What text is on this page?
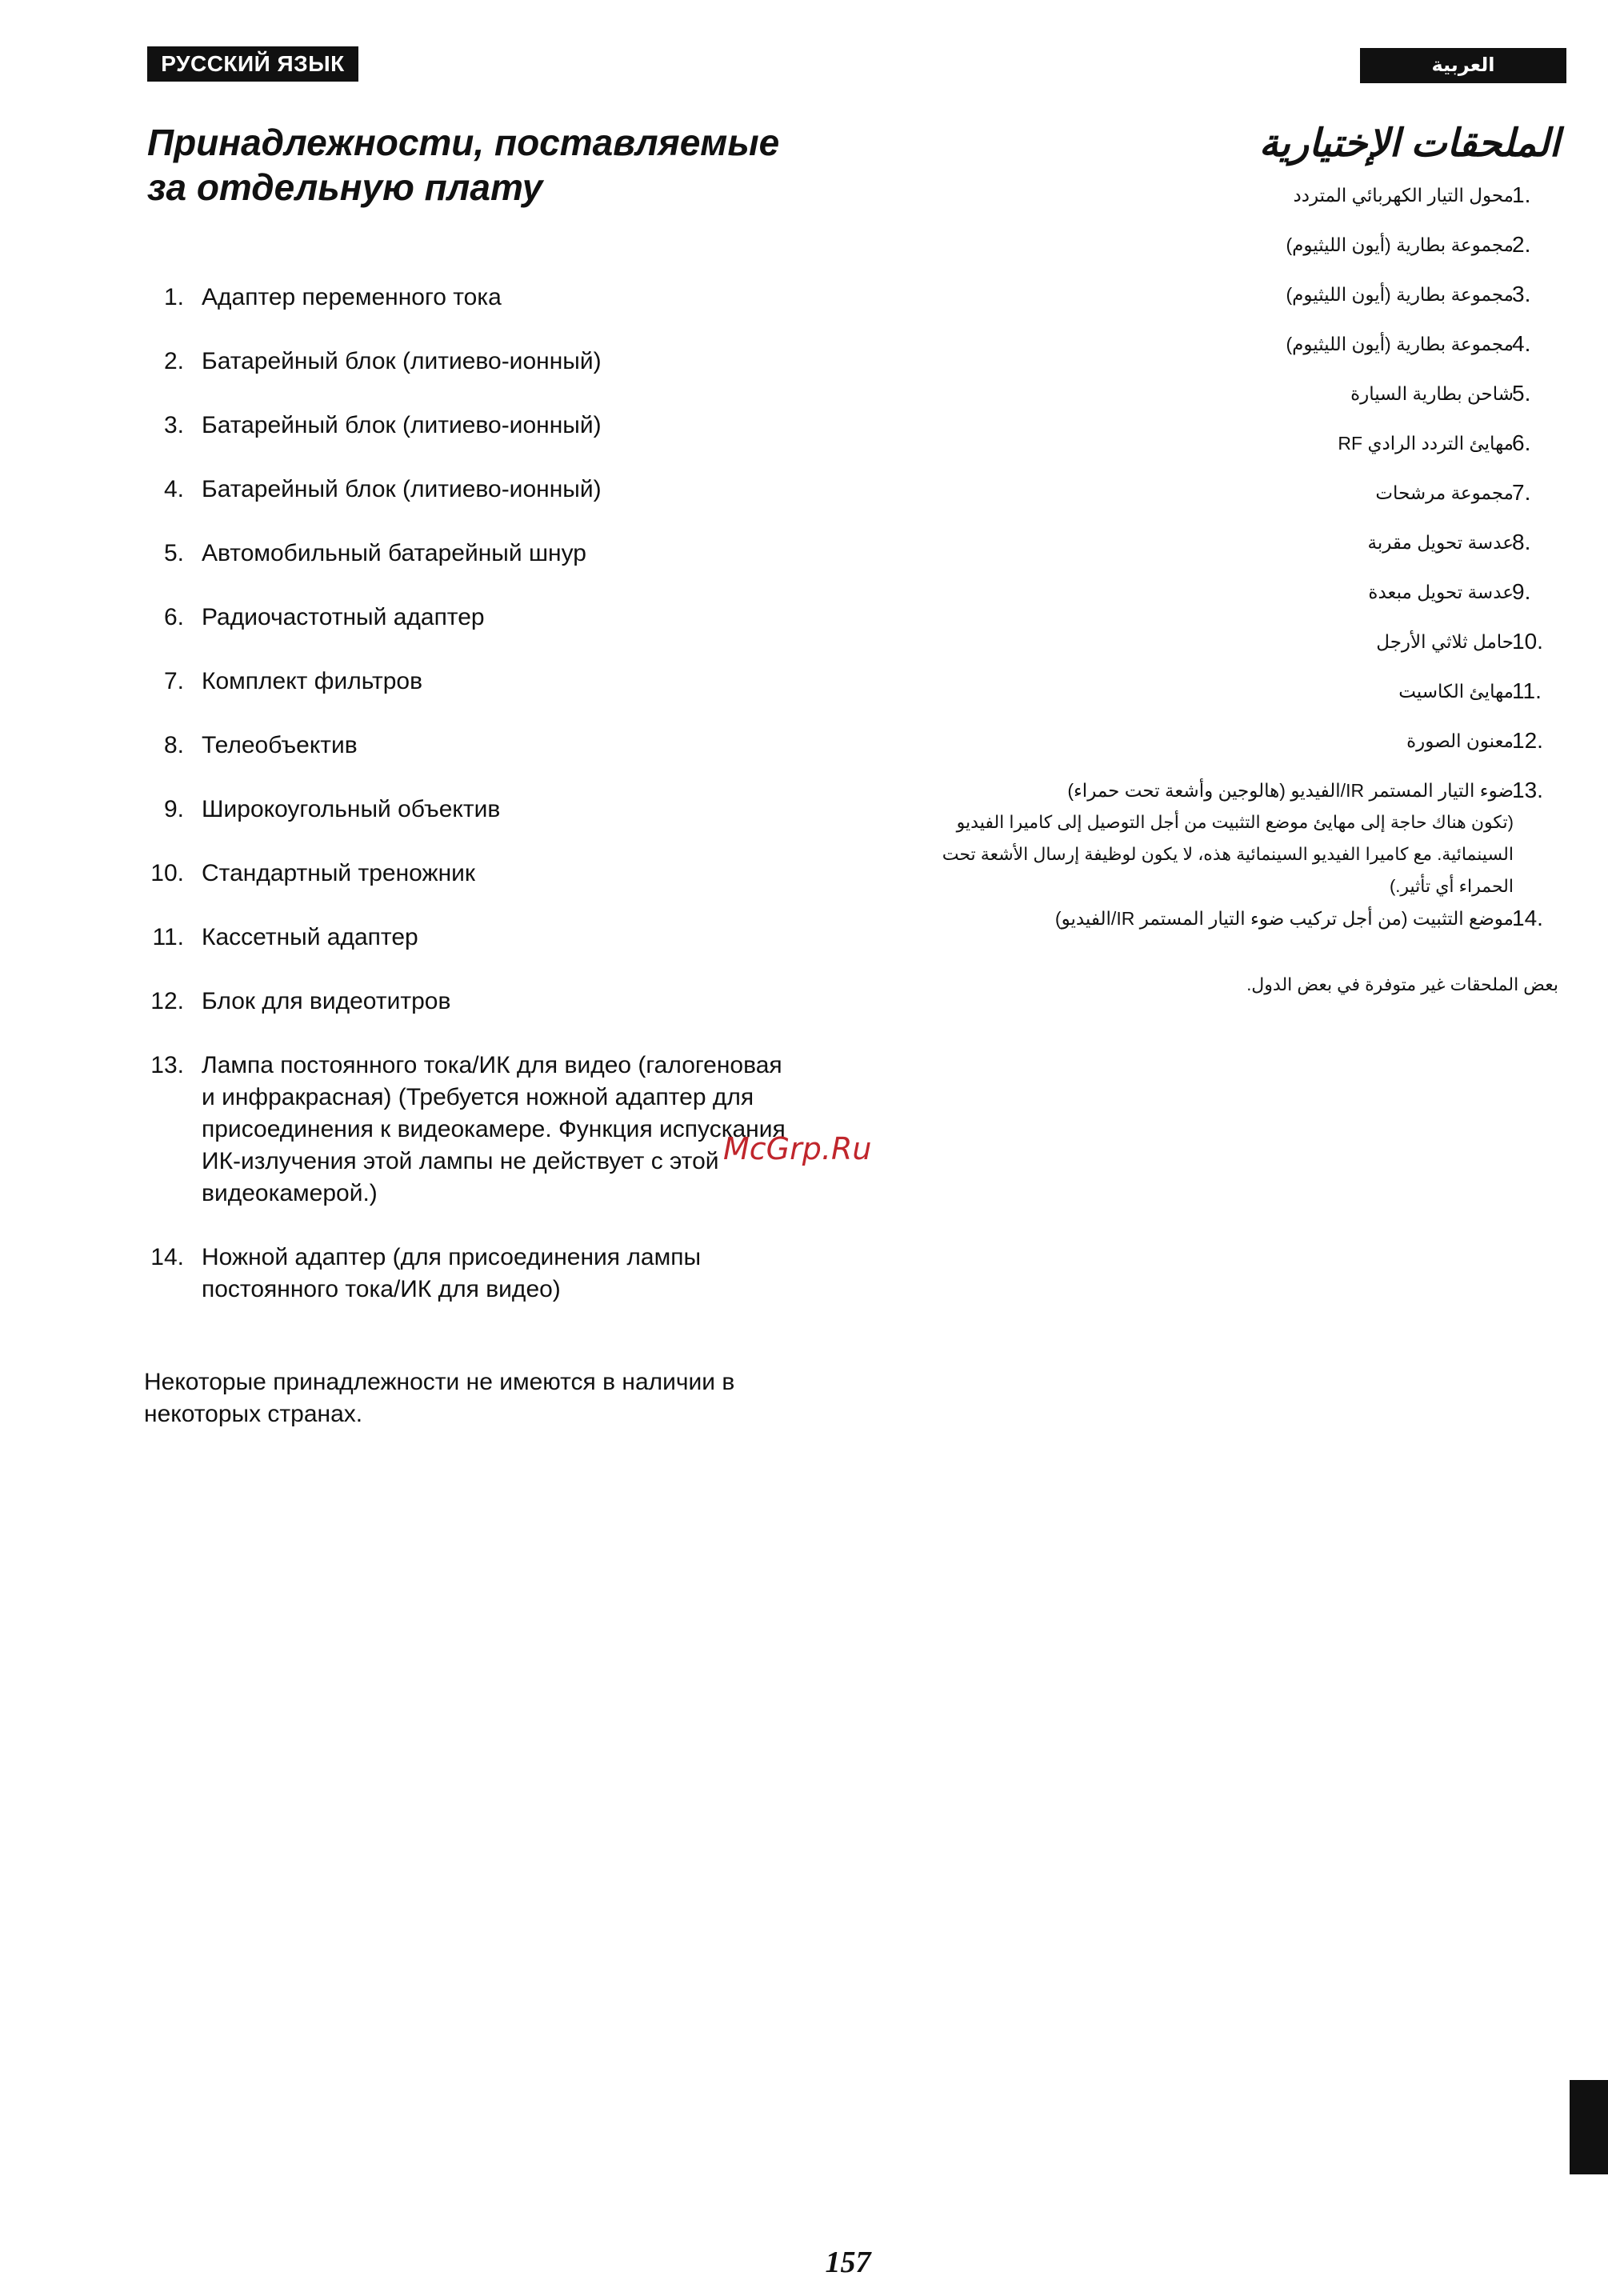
РУССКИЙ ЯЗЫК	العربية
Принадлежности, поставляемые за отдельную плату
1. Адаптер переменного тока
2. Батарейный блок (литиево-ионный)
3. Батарейный блок (литиево-ионный)
4. Батарейный блок (литиево-ионный)
5. Автомобильный батарейный шнур
6. Радиочастотный адаптер
7. Комплект фильтров
8. Телеобъектив
9. Широкоугольный объектив
10. Стандартный треножник
11. Кассетный адаптер
12. Блок для видеотитров
13. Лампа постоянного тока/ИК для видео (галогеновая и инфракрасная) (Требуется ножной адаптер для присоединения к видеокамере. Функция испускания ИК-излучения этой лампы не действует с этой видеокамерой.)
14. Ножной адаптер (для присоединения лампы постоянного тока/ИК для видео)
Некоторые принадлежности не имеются в наличии в некоторых странах.
الملحقات الإختيارية
1.
محول التيار الكهربائي المتردد
2.
مجموعة بطارية (أيون الليثيوم)
3.
مجموعة بطارية (أيون الليثيوم)
4.
مجموعة بطارية (أيون الليثيوم)
5.
شاحن بطارية السيارة
6.
مهايئ التردد الرادي RF
7.
مجموعة مرشحات
8.
عدسة تحويل مقربة
9.
عدسة تحويل مبعدة
10.
حامل ثلاثي الأرجل
11.
مهايئ الكاسيت
12.
معنون الصورة
13.
ضوء التيار المستمر IR/الفيديو (هالوجين وأشعة تحت حمراء)
(تكون هناك حاجة إلى مهايئ موضع التثبيت من أجل التوصيل إلى كاميرا الفيديو السينمائية. مع كاميرا الفيديو السينمائية هذه، لا يكون لوظيفة إرسال الأشعة تحت الحمراء أي تأثير.)
14.
موضع التثبيت (من أجل تركيب ضوء التيار المستمر IR/الفيديو)
بعض الملحقات غير متوفرة في بعض الدول.
McGrp.Ru
157
